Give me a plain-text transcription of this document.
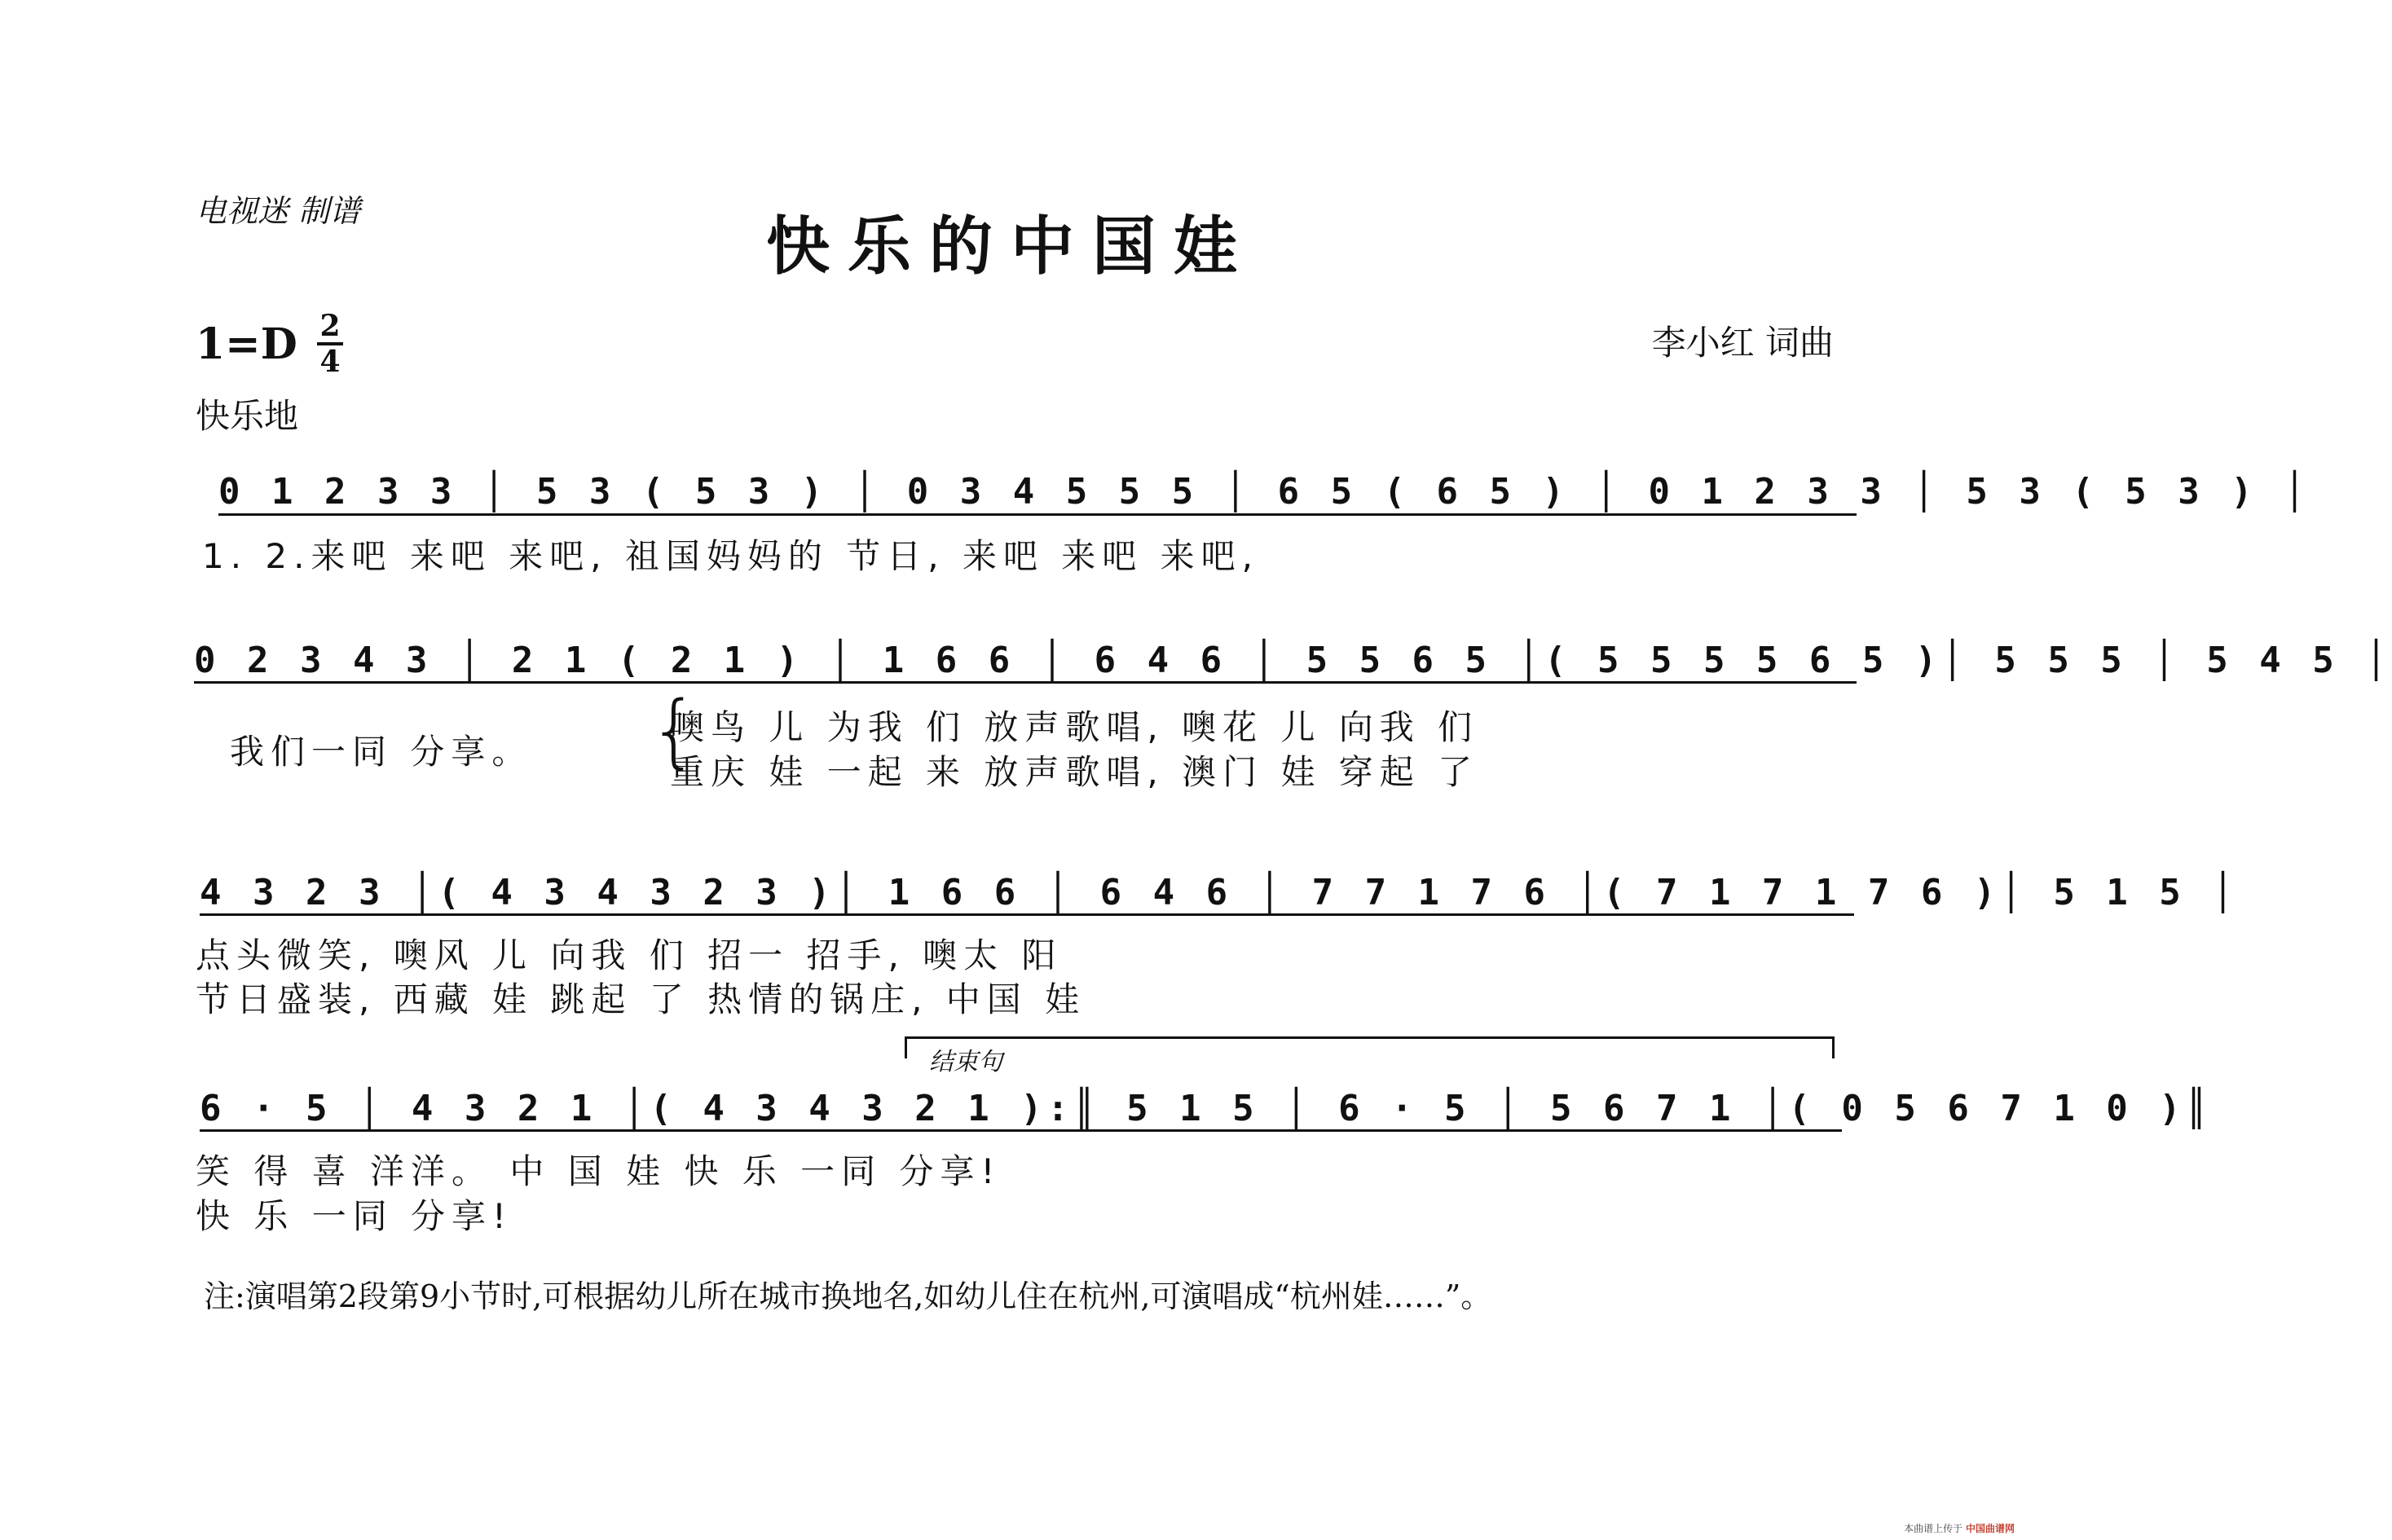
电视迷 制谱	快乐的中国娃
1=D 2
4	李小红 词曲
快乐地
0 1 2 3 3 │ 5 3 ( 5 3 ) │ 0 3 4 5 5 5 │ 6 5 ( 6 5 ) │ 0 1 2 3 3 │ 5 3 ( 5 3 ) │
1. 2.来吧 来吧 来吧, 祖国妈妈的 节日, 来吧 来吧 来吧,
0 2 3 4 3 │ 2 1 ( 2 1 ) │ 1 6 6 │ 6 4 6 │ 5 5 6 5 │( 5 5 5 5 6 5 )│ 5 5 5 │ 5 4 5 │
我们一同 分享。 {
噢鸟 儿 为我 们 放声歌唱, 噢花 儿 向我 们
重庆 娃 一起 来 放声歌唱, 澳门 娃 穿起 了
4 3 2 3 │( 4 3 4 3 2 3 )│ 1 6 6 │ 6 4 6 │ 7 7 1 7 6 │( 7 1 7 1 7 6 )│ 5 1 5 │
点头微笑, 噢风 儿 向我 们 招一 招手, 噢太 阳
节日盛装, 西藏 娃 跳起 了 热情的锅庄, 中国 娃
结束句
6 · 5 │ 4 3 2 1 │( 4 3 4 3 2 1 ):║ 5 1 5 │ 6 · 5 │ 5 6 7 1 │( 0 5 6 7 1 0 )║
笑 得 喜 洋洋。 中 国 娃 快 乐 一同 分享!
快 乐 一同 分享!
注:演唱第2段第9小节时,可根据幼儿所在城市换地名,如幼儿住在杭州,可演唱成“杭州娃……”。
本曲谱上传于 中国曲谱网
